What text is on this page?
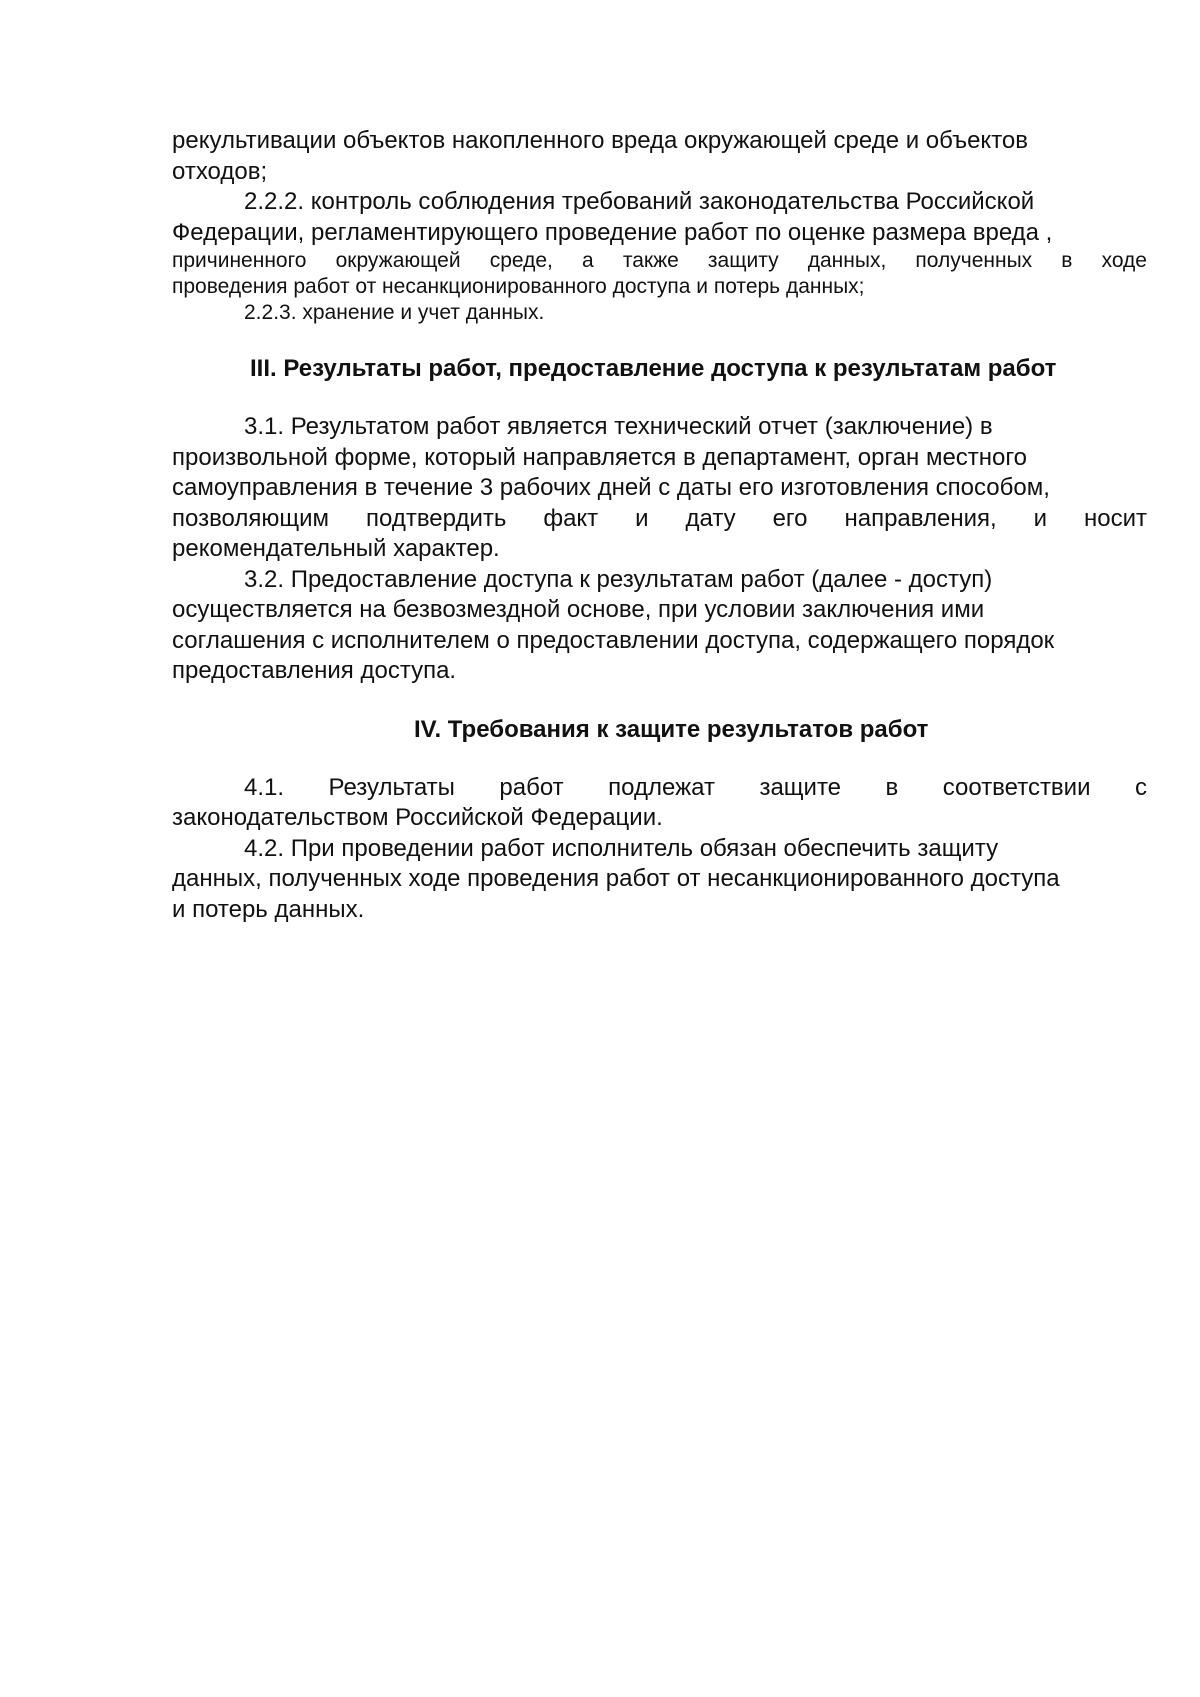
рекультивации объектов накопленного вреда окружающей среде и объектов
отходов;
2.2.2. контроль соблюдения требований законодательства Российской
Федерации, регламентирующего проведение работ по оценке размера вреда ,
причиненного окружающей среде, а также защиту данных, полученных в ходе
проведения работ от несанкционированного доступа и потерь данных;
2.2.3. хранение и учет данных.
III. Результаты работ, предоставление доступа к результатам работ
3.1. Результатом работ является технический отчет (заключение) в
произвольной форме, который направляется в департамент, орган местного
самоуправления в течение 3 рабочих дней с даты его изготовления способом,
позволяющим подтвердить факт и дату его направления, и носит
рекомендательный характер.
3.2. Предоставление доступа к результатам работ (далее - доступ)
осуществляется на безвозмездной основе, при условии заключения ими
соглашения с исполнителем о предоставлении доступа, содержащего порядок
предоставления доступа.
IV. Требования к защите результатов работ
4.1. Результаты работ подлежат защите в соответствии с
законодательством Российской Федерации.
4.2. При проведении работ исполнитель обязан обеспечить защиту
данных, полученных ходе проведения работ от несанкционированного доступа
и потерь данных.
